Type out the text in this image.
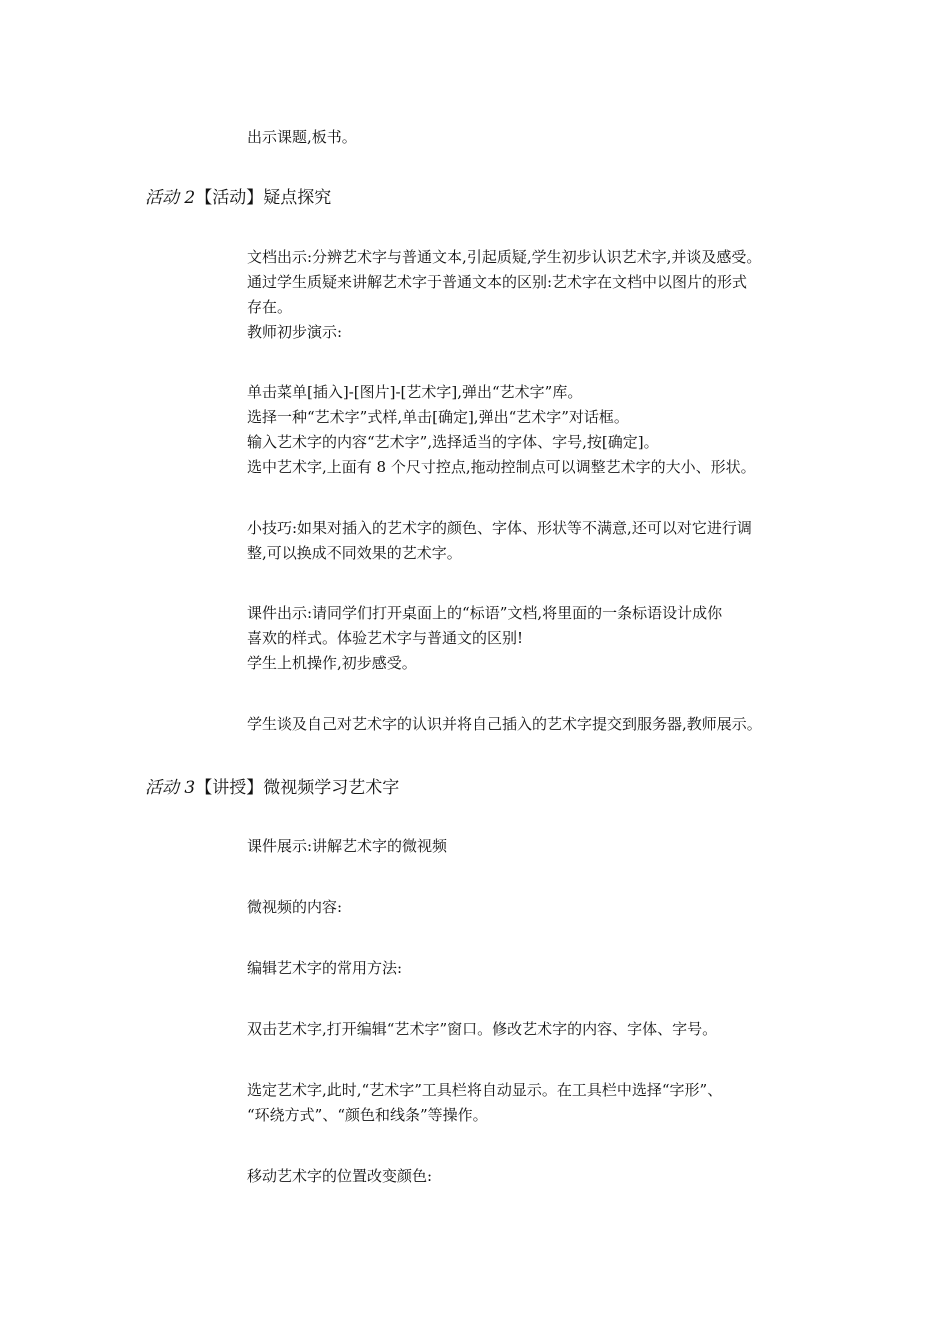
出示课题,板书。
活动 2【活动】疑点探究
文档出示:分辨艺术字与普通文本,引起质疑,学生初步认识艺术字,并谈及感受。
通过学生质疑来讲解艺术字于普通文本的区别:艺术字在文档中以图片的形式
存在。
教师初步演示:
单击菜单[插入]-[图片]-[艺术字],弹出“艺术字”库。
选择一种“艺术字”式样,单击[确定],弹出“艺术字”对话框。
输入艺术字的内容“艺术字”,选择适当的字体、字号,按[确定]。
选中艺术字,上面有 8 个尺寸控点,拖动控制点可以调整艺术字的大小、形状。
小技巧:如果对插入的艺术字的颜色、字体、形状等不满意,还可以对它进行调
整,可以换成不同效果的艺术字。
课件出示:请同学们打开桌面上的“标语”文档,将里面的一条标语设计成你
喜欢的样式。体验艺术字与普通文的区别!
学生上机操作,初步感受。
学生谈及自己对艺术字的认识并将自己插入的艺术字提交到服务器,教师展示。
活动 3【讲授】微视频学习艺术字
课件展示:讲解艺术字的微视频
微视频的内容:
编辑艺术字的常用方法:
双击艺术字,打开编辑“艺术字”窗口。修改艺术字的内容、字体、字号。
选定艺术字,此时,“艺术字”工具栏将自动显示。在工具栏中选择“字形”、
“环绕方式”、“颜色和线条”等操作。
移动艺术字的位置改变颜色:
